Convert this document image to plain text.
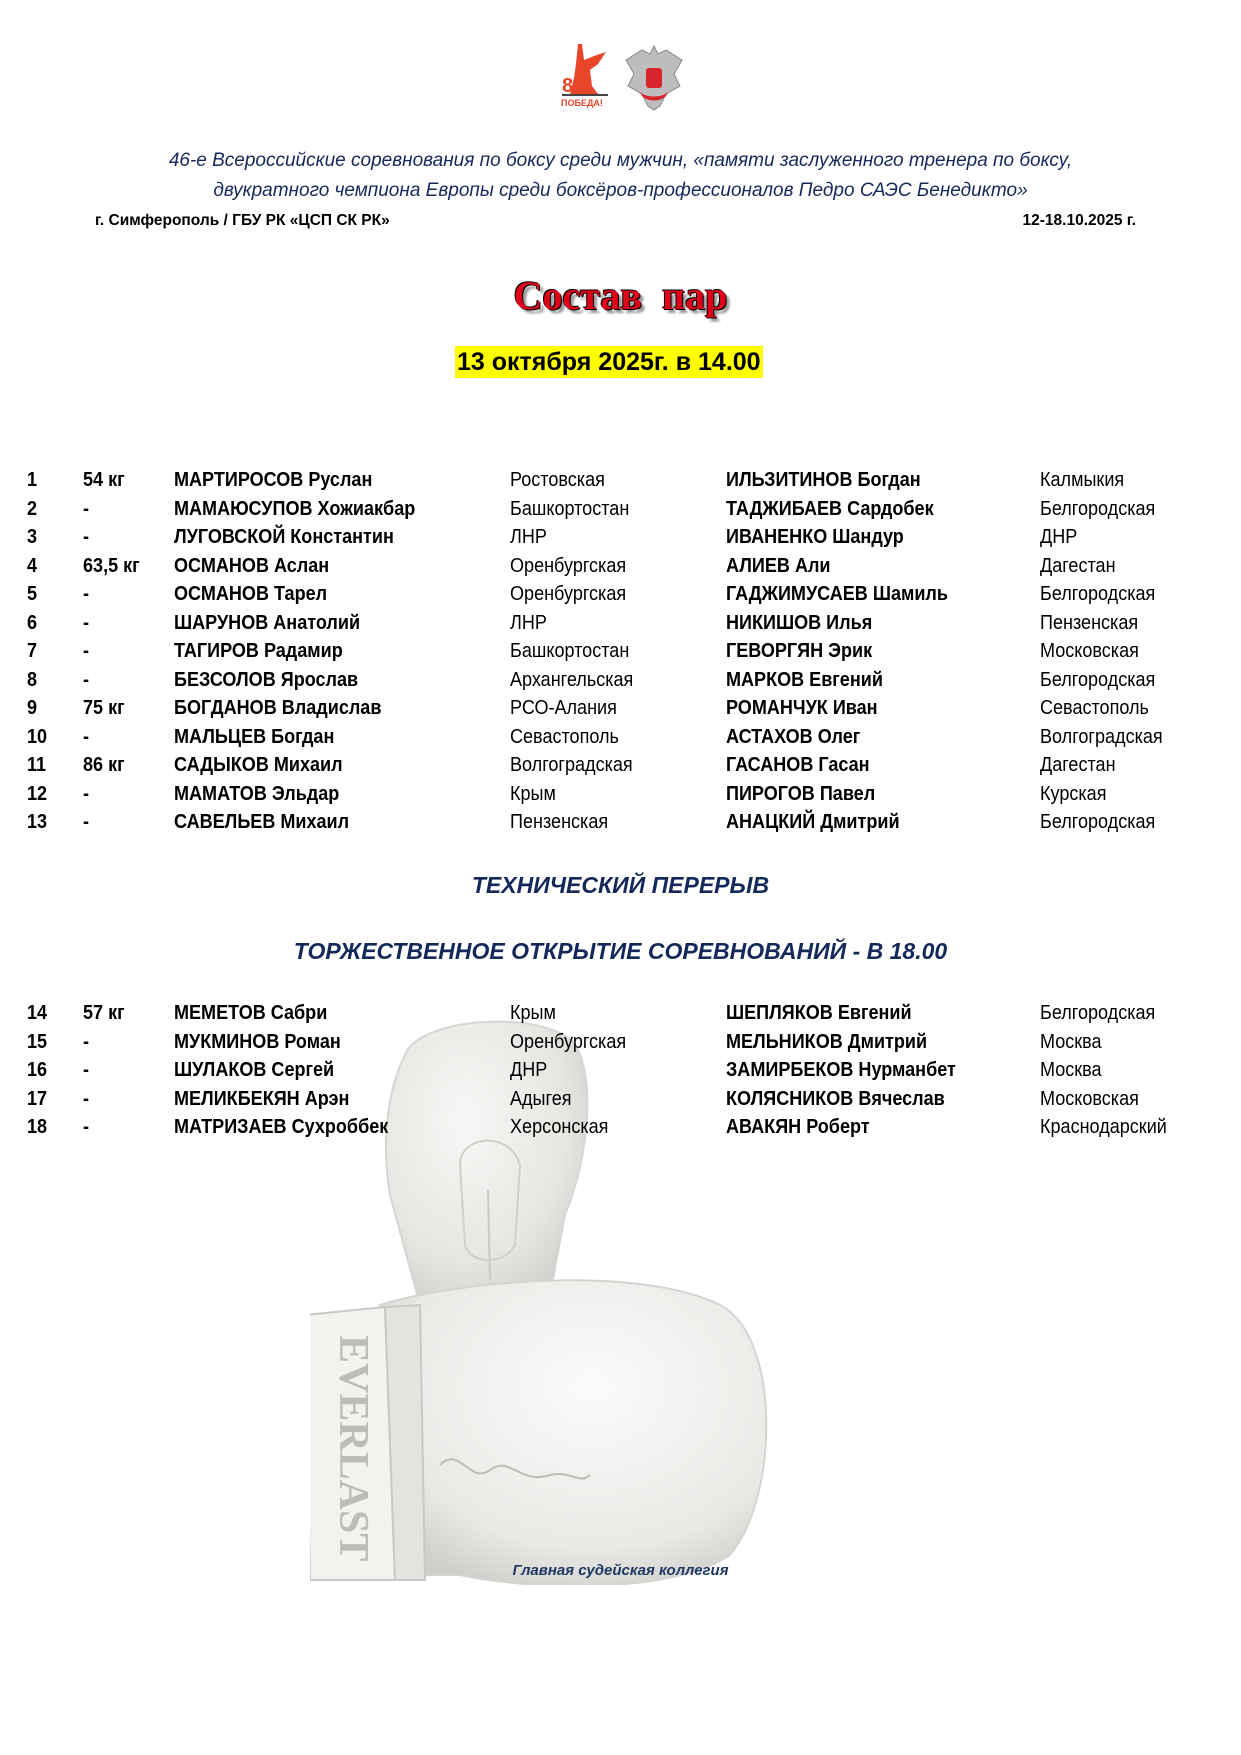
EVERLAST
80
ПОБЕДА!
46-е Всероссийские соревнования по боксу среди мужчин, «памяти заслуженного тренера по боксу,
двукратного чемпиона Европы среди боксёров-профессионалов Педро САЭС Бенедикто»
г. Симферополь / ГБУ РК «ЦСП СК РК»	12-18.10.2025 г.
Состав  пар
13 октября 2025г. в 14.00
1 54 кг МАРТИРОСОВ Руслан	Ростовская	ИЛЬЗИТИНОВ Богдан	Калмыкия
2 -	МАМАЮСУПОВ Хожиакбар	Башкортостан	ТАДЖИБАЕВ Сардобек	Белгородская
3 -	ЛУГОВСКОЙ Константин	ЛНР	ИВАНЕНКО Шандур	ДНР
4 63,5 кг ОСМАНОВ Аслан	Оренбургская	АЛИЕВ Али	Дагестан
5 -	ОСМАНОВ Тарел	Оренбургская	ГАДЖИМУСАЕВ Шамиль	Белгородская
6 -	ШАРУНОВ Анатолий	ЛНР	НИКИШОВ Илья	Пензенская
7 -	ТАГИРОВ Радамир	Башкортостан	ГЕВОРГЯН Эрик	Московская
8 -	БЕЗСОЛОВ Ярослав	Архангельская	МАРКОВ Евгений	Белгородская
9 75 кг БОГДАНОВ Владислав	РСО-Алания	РОМАНЧУК Иван	Севастополь
10 -	МАЛЬЦЕВ Богдан	Севастополь	АСТАХОВ Олег	Волгоградская
11 86 кг САДЫКОВ Михаил	Волгоградская	ГАСАНОВ Гасан	Дагестан
12 -	МАМАТОВ Эльдар	Крым	ПИРОГОВ Павел	Курская
13 -	САВЕЛЬЕВ Михаил	Пензенская	АНАЦКИЙ Дмитрий	Белгородская
ТЕХНИЧЕСКИЙ ПЕРЕРЫВ
ТОРЖЕСТВЕННОЕ ОТКРЫТИЕ СОРЕВНОВАНИЙ - В 18.00
14 57 кг МЕМЕТОВ Сабри	Крым	ШЕПЛЯКОВ Евгений	Белгородская
15 -	МУКМИНОВ Роман	Оренбургская	МЕЛЬНИКОВ Дмитрий	Москва
16 -	ШУЛАКОВ Сергей	ДНР	ЗАМИРБЕКОВ Нурманбет	Москва
17 -	МЕЛИКБЕКЯН Арэн	Адыгея	КОЛЯСНИКОВ Вячеслав	Московская
18 -	МАТРИЗАЕВ Сухроббек	Херсонская	АВАКЯН Роберт	Краснодарский
Главная судейская коллегия
